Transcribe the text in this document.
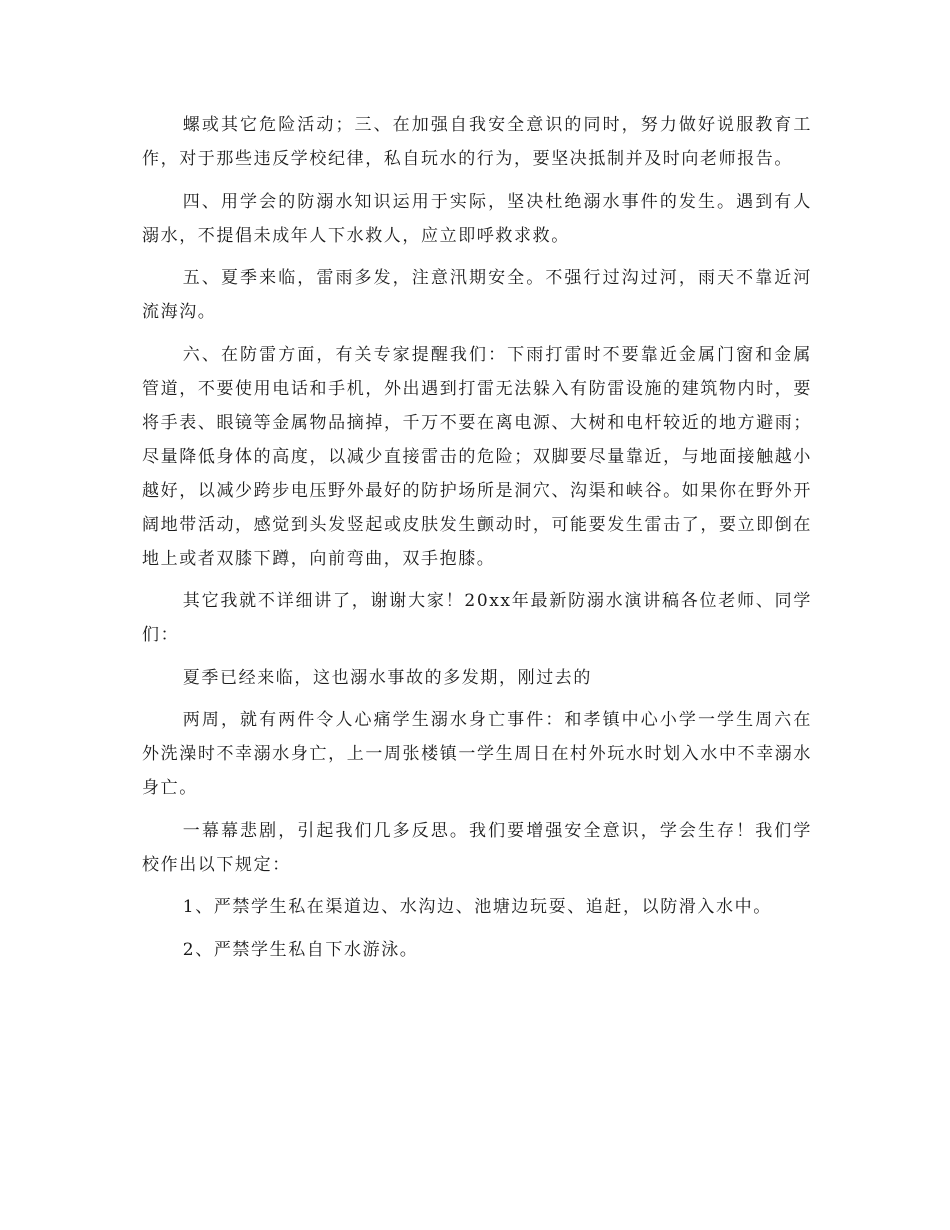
螺或其它危险活动；三、在加强自我安全意识的同时，努力做好说服教育工作，对于那些违反学校纪律，私自玩水的行为，要坚决抵制并及时向老师报告。

四、用学会的防溺水知识运用于实际，坚决杜绝溺水事件的发生。遇到有人溺水，不提倡未成年人下水救人，应立即呼救求救。

五、夏季来临，雷雨多发，注意汛期安全。不强行过沟过河，雨天不靠近河流海沟。

六、在防雷方面，有关专家提醒我们：下雨打雷时不要靠近金属门窗和金属管道，不要使用电话和手机，外出遇到打雷无法躲入有防雷设施的建筑物内时，要将手表、眼镜等金属物品摘掉，千万不要在离电源、大树和电杆较近的地方避雨；尽量降低身体的高度，以减少直接雷击的危险；双脚要尽量靠近，与地面接触越小越好，以减少跨步电压野外最好的防护场所是洞穴、沟渠和峡谷。如果你在野外开阔地带活动，感觉到头发竖起或皮肤发生颤动时，可能要发生雷击了，要立即倒在地上或者双膝下蹲，向前弯曲，双手抱膝。

其它我就不详细讲了，谢谢大家！20xx年最新防溺水演讲稿各位老师、同学们：

夏季已经来临，这也溺水事故的多发期，刚过去的

两周，就有两件令人心痛学生溺水身亡事件：和孝镇中心小学一学生周六在外洗澡时不幸溺水身亡，上一周张楼镇一学生周日在村外玩水时划入水中不幸溺水身亡。

一幕幕悲剧，引起我们几多反思。我们要增强安全意识，学会生存！我们学校作出以下规定：

1、严禁学生私在渠道边、水沟边、池塘边玩耍、追赶，以防滑入水中。

2、严禁学生私自下水游泳。
